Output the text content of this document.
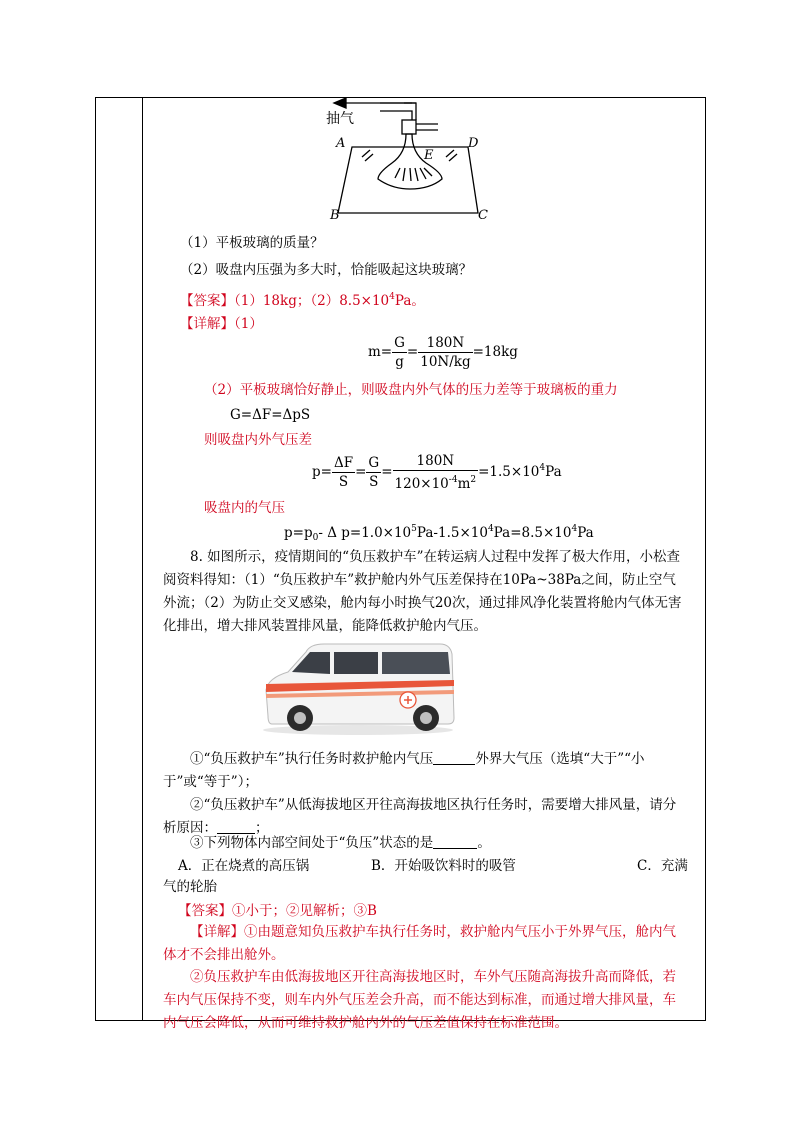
抽气
A	D
E
B	C
（1）平板玻璃的质量？
（2）吸盘内压强为多大时，恰能吸起这块玻璃？
【答案】（1）18kg；$(2)8.5\times 10^4Pa$。
【详解】（1）
$m= \frac{G}{g} = \frac{180N}{10N/kg} =18kg$
（2）平板玻璃恰好静止，则吸盘内外气体的压力差等于玻璃板的重力
G=ΔF=ΔpS
则吸盘内外气压差
$p= \frac{\Delta F}{S} = \frac{G}{S} = \frac{180N}{120\times 10^{-4}m^2} =1.5\times 10^4Pa$
吸盘内的气压
$p=p_0-$ Δ $p=1.0\times 10^5Pa-1.5\times 10^4Pa=8.5\times 10^4Pa$
8. 如图所示，疫情期间的“负压救护车”在转运病人过程中发挥了极大作用，小松查阅资料得知：（1）“负压救护车”救护舱内外气压差保持在10Pa~38Pa之间，防止空气外流；（2）为防止交叉感染，舱内每小时换气20次，通过排风净化装置将舱内气体无害化排出，增大排风装置排风量，能降低救护舱内气压。
①“负压救护车”执行任务时救护舱内气压	外界大气压（选填“大于”“小于”或“等于”）；
②“负压救护车”从低海拔地区开往高海拔地区执行任务时，需要增大排风量，请分析原因：	；
③下列物体内部空间处于“负压”状态的是	。
A．正在烧煮的高压锅	B．开始吸饮料时的吸管	C．充满
气的轮胎
【答案】①小于；②见解析；③B
【详解】①由题意知负压救护车执行任务时，救护舱内气压小于外界气压，舱内气体才不会排出舱外。
②负压救护车由低海拔地区开往高海拔地区时，车外气压随高海拔升高而降低，若车内气压保持不变，则车内外气压差会升高，而不能达到标准，而通过增大排风量，车内气压会降低，从而可维持救护舱内外的气压差值保持在标准范围。
